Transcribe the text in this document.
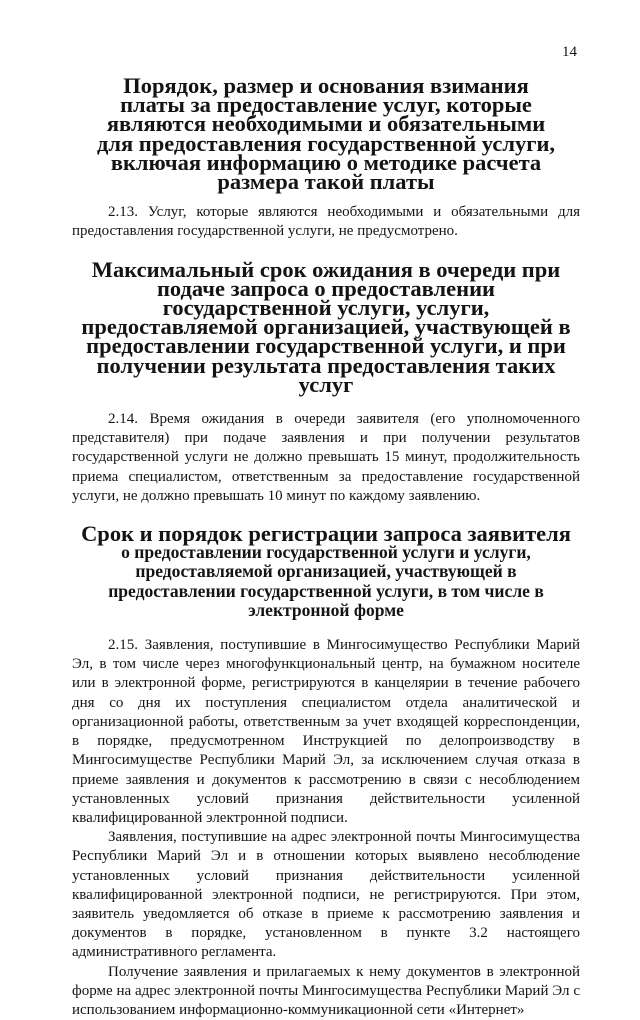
14
Порядок, размер и основания взимания платы за предоставление услуг, которые являются необходимыми и обязательными для предоставления государственной услуги, включая информацию о методике расчета размера такой платы

2.13. Услуг, которые являются необходимыми и обязательными для предоставления государственной услуги, не предусмотрено.

Максимальный срок ожидания в очереди при подаче запроса о предоставлении государственной услуги, услуги, предоставляемой организацией, участвующей в предоставлении государственной услуги, и при получении результата предоставления таких услуг

2.14. Время ожидания в очереди заявителя (его уполномоченного представителя) при подаче заявления и при получении результатов государственной услуги не должно превышать 15 минут, продолжительность приема специалистом, ответственным за предоставление государственной услуги, не должно превышать 10 минут по каждому заявлению.

Срок и порядок регистрации запроса заявителя
о предоставлении государственной услуги и услуги, предоставляемой организацией, участвующей в предоставлении государственной услуги, в том числе в электронной форме

2.15. Заявления, поступившие в Мингосимущество Республики Марий Эл, в том числе через многофункциональный центр, на бумажном носителе или в электронной форме, регистрируются в канцелярии в течение рабочего дня со дня их поступления специалистом отдела аналитической и организационной работы, ответственным за учет входящей корреспонденции, в порядке, предусмотренном Инструкцией по делопроизводству в Мингосимуществе Республики Марий Эл, за исключением случая отказа в приеме заявления и документов к рассмотрению в связи с несоблюдением установленных условий признания действительности усиленной квалифицированной электронной подписи.

Заявления, поступившие на адрес электронной почты Мингосимущества Республики Марий Эл и в отношении которых выявлено несоблюдение установленных условий признания действительности усиленной квалифицированной электронной подписи, не регистрируются. При этом, заявитель уведомляется об отказе в приеме к рассмотрению заявления и документов в порядке, установленном в пункте 3.2 настоящего административного регламента.

Получение заявления и прилагаемых к нему документов в электронной форме на адрес электронной почты Мингосимущества Республики Марий Эл с использованием информационно-коммуникационной сети «Интернет»
